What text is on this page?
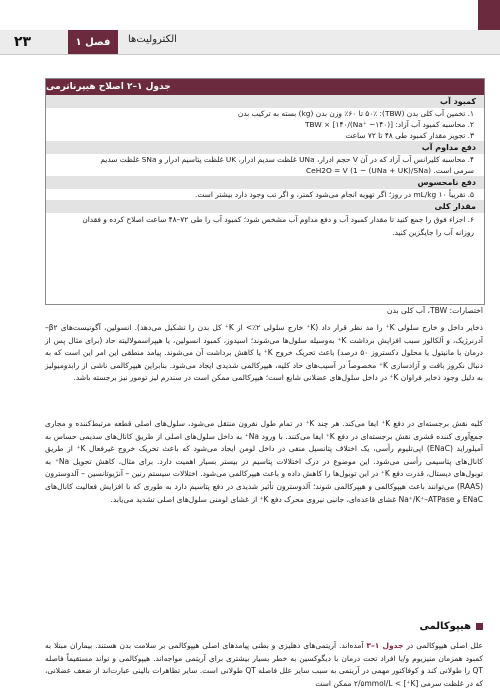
۲۳	فصل ۱	الکترولیت‌ها
جدول ۱–۲ اصلاح هیپرناترمی
کمبود آب
۱. تخمین آب کلی بدن (TBW): ۵۰٪ تا ۶۰٪ وزن بدن (kg) بسته به ترکیب بدن
۲. محاسبه کمبود آب آزاد: [(Na⁺ −۱۴۰)/۱۴۰] × TBW
۳. تجویز مقدار کمبود طی ۴۸ تا ۷۲ ساعت
دفع مداوم آب
۴. محاسبه کلیرانس آب آزاد که در آن V حجم ادرار، UNa غلظت سدیم ادرار، UK غلظت پتاسیم ادرار و SNa غلظت سدیم
سرمی است. CeH2O = V (1 − (UNa + UK)/SNa)
دفع نامحسوس
۵. تقریباً ۱۰ mL/kg در روز؛ اگر تهویه انجام می‌شود کمتر، و اگر تب وجود دارد بیشتر است.
مقدار کلی
۶. اجزاء فوق را جمع کنید تا مقدار کمبود آب و دفع مداوم آب مشخص شود؛ کمبود آب را طی ۷۲–۴۸ ساعت اصلاح کرده و فقدان
روزانه آب را جایگزین کنید.
اختصارات: TBW، آب کلی بدن
ذخایر داخل و خارج سلولی K⁺ را مد نظر قرار داد (K⁺ خارج سلولی ۲٪> از K⁺ کل بدن را تشکیل می‌دهد). انسولین، آگونیست‌های β۲–آدرنرژیک، و آلکالوز سبب افزایش برداشت K⁺ به‌وسیله سلول‌ها می‌شوند؛ اسیدوز، کمبود انسولین، یا هیپراسمولالیته حاد (برای مثال پس از درمان با مانیتول یا محلول دکستروز ۵۰ درصد) باعث تحریک خروج K⁺ یا کاهش برداشت آن می‌شوند. پیامد منطقی این امر این است که به دنبال نکروز بافت و آزادسازی K⁺ مخصوصاً در آسیب‌های حاد کلیه، هیپرکالمی شدیدی ایجاد می‌شود. بنابراین هیپرکالمی ناشی از رابدومیولیز به دلیل وجود ذخایر فراوان K⁺ در داخل سلول‌های عضلانی شایع است؛ هیپرکالمی ممکن است در سندرم لیز تومور نیز برجسته باشد.
کلیه نقش برجسته‌ای در دفع K⁺ ایفا می‌کند. هر چند K⁺ در تمام طول نفرون منتقل می‌شود، سلول‌های اصلی قطعه مرتبط‌کننده و مجاری جمع‌آوری کننده قشری نقش برجسته‌ای در دفع K⁺ ایفا می‌کنند. با ورود Na⁺ به داخل سلول‌های اصلی از طریق کانال‌های سدیمی حساس به آمیلوراید (ENaC) اپی‌تلیوم رأسی، یک اختلاف پتانسیل منفی در داخل لومن ایجاد می‌شود که باعث تحریک خروج غیرفعال K⁺ از طریق کانال‌های پتاسیمی رأسی می‌شود. این موضوع در درک اختلالات پتاسیم در بیستر بسیار اهمیت دارد. برای مثال، کاهش تحویل Na⁺ به توبول‌های دیستال، قدرت دفع K⁺ در این توبول‌ها را کاهش داده و باعث هیپرکالمی می‌شود. اختلالات سیستم رنین – آنژیوتانسین – آلدوسترون (RAAS) می‌توانند باعث هیپوکالمی و هیپرکالمی شوند؛ آلدوسترون تأثیر شدیدی در دفع پتاسیم دارد به طوری که با افزایش فعالیت کانال‌های ENaC و Na⁺/K⁺–ATPase غشای قاعده‌ای، جانبی نیروی محرک دفع K⁺ از غشای لومنی سلول‌های اصلی تشدید می‌یابد.
هیپوکالمی
علل اصلی هیپوکالمی در جدول ۱–۳ آمده‌اند. آریتمی‌های دهلیزی و بطنی پیامدهای اصلی هیپوکالمی بر سلامت بدن هستند. بیماران مبتلا به کمبود همزمان منیزیوم و/یا افراد تحت درمان با دیگوکسین به خطر بسیار بیشتری برای آریتمی مواجه‌اند. هیپوکالمی و تواند مستقیماً فاصله QT را طولانی کند و کوفاکتور مهمی در آریتمی به سبب سایر علل فاصله QT طولانی است. سایر تظاهرات بالینی عبارت‌اند از ضعف عضلانی، که در غلظت سرمی [K⁺] > ۲/۵mmol/L ممکن است
